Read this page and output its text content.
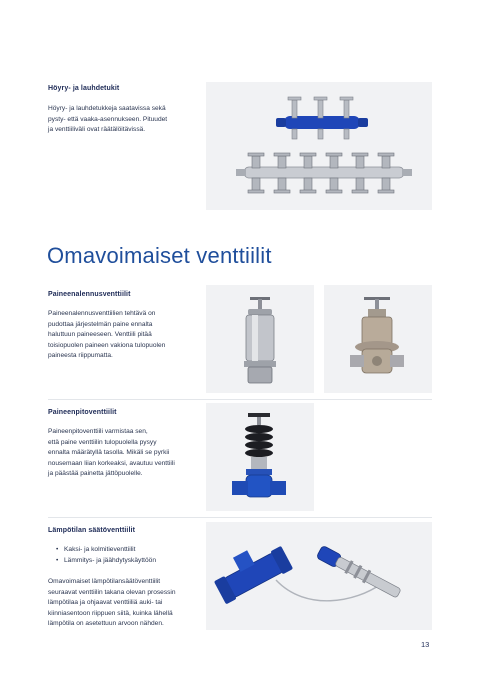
Höyry- ja lauhdetukit
Höyry- ja lauhdetukkeja saatavissa sekä
pysty- että vaaka-asennukseen. Pituudet
ja venttiiliväli ovat räätälöitävissä.
Omavoimaiset venttiilit
Paineenalennusventtiilit
Paineenalennusventtiilien tehtävä on
pudottaa järjestelmän paine ennalta
haluttuun paineeseen. Venttiili pitää
toisiopuolen paineen vakiona tulopuolen
paineesta riippumatta.
Paineenpitoventtiilit
Paineenpitoventtiili varmistaa sen,
että paine venttiilin tulopuolella pysyy
ennalta määrätyllä tasolla. Mikäli se pyrkii
nousemaan liian korkeaksi, avautuu venttiili
ja päästää painetta jättöpuolelle.
Lämpötilan säätöventtiilit
• Kaksi- ja kolmitieventtiilit
• Lämmitys- ja jäähdytyskäyttöön
Omavoimaiset lämpötilansäätöventtiilit
seuraavat venttiilin takana olevan prosessin
lämpötilaa ja ohjaavat venttiiliä auki- tai
kiinniasentoon riippuen siitä, kuinka lähellä
lämpötila on asetettuun arvoon nähden.
13
